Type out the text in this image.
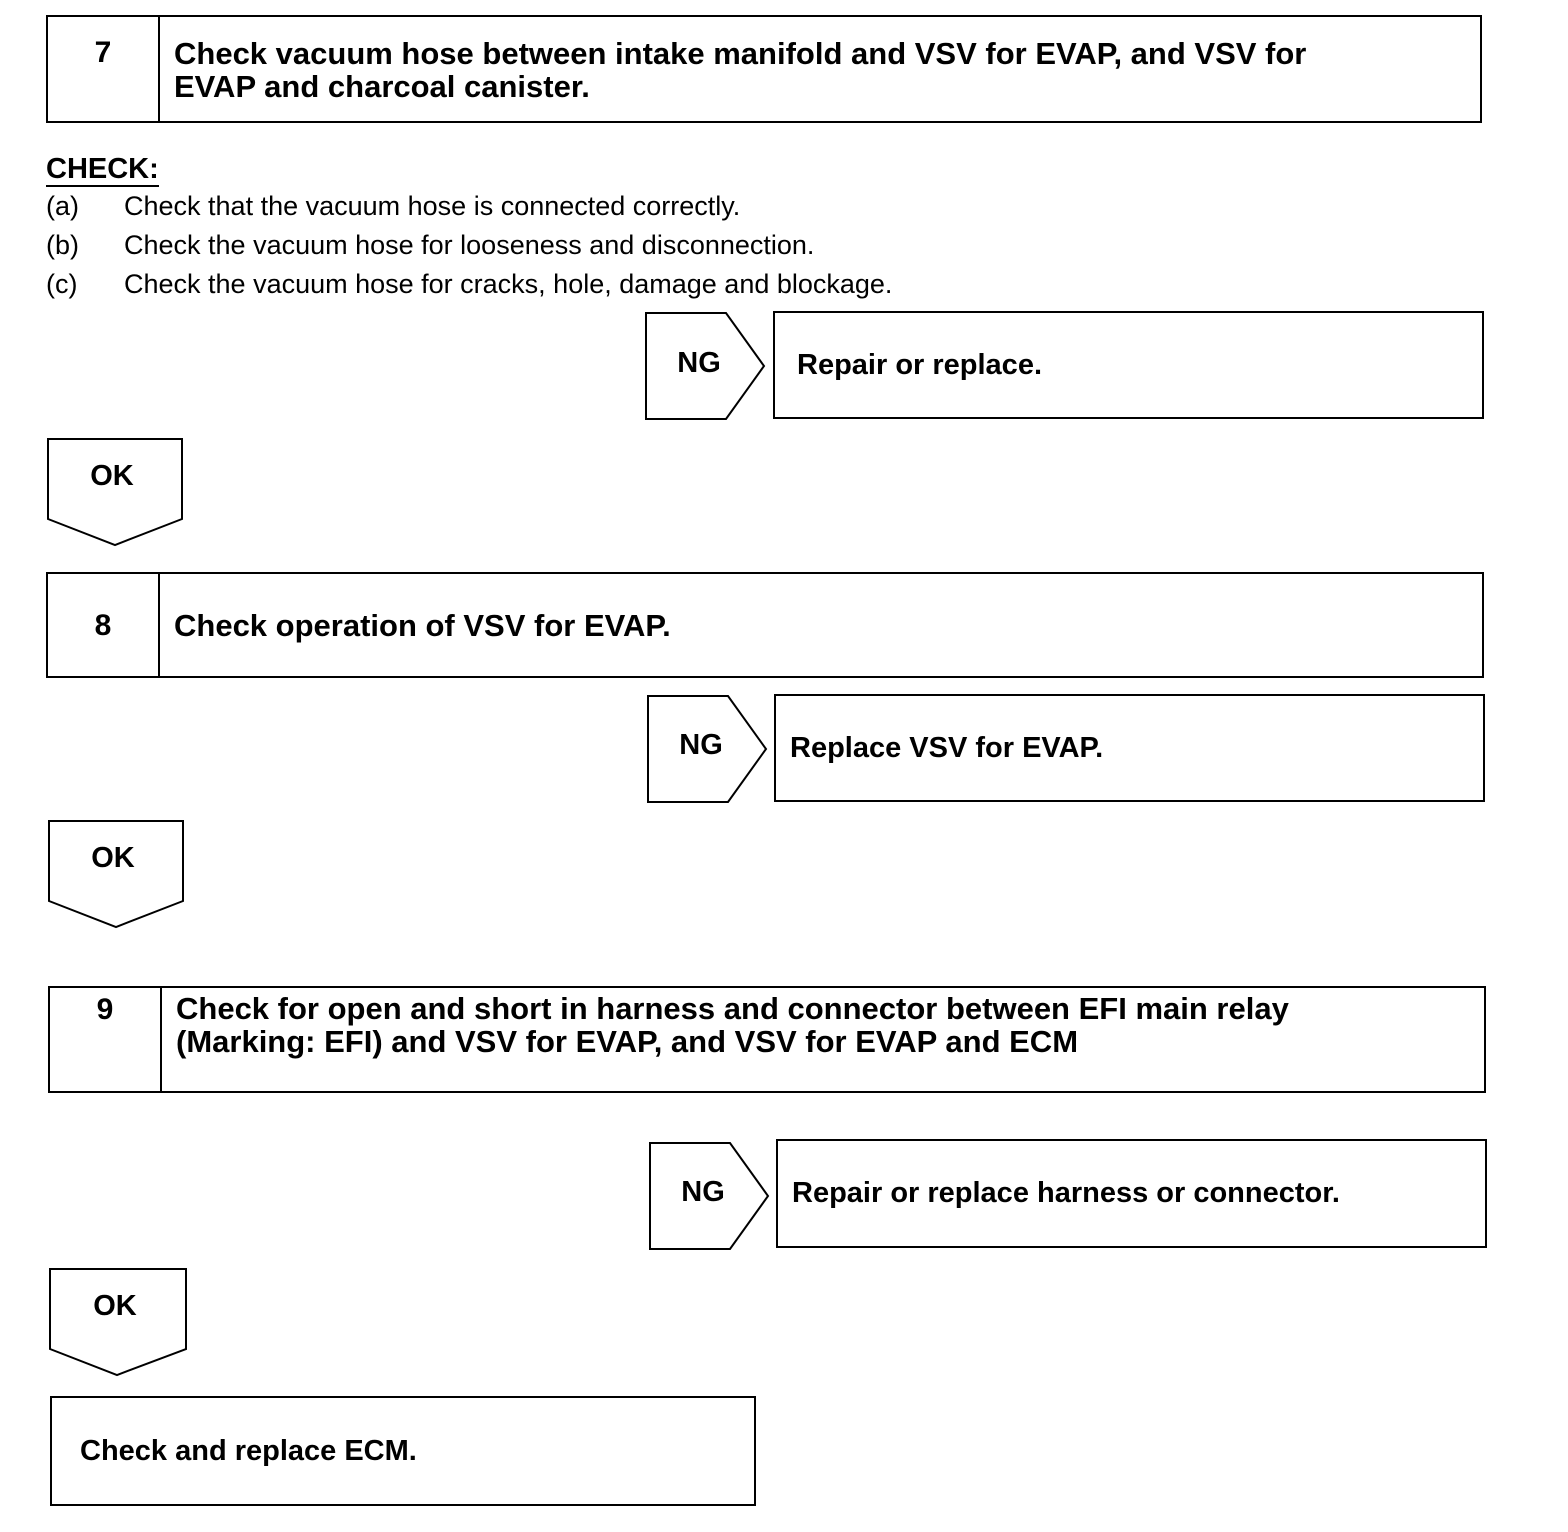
7	Check vacuum hose between intake manifold and VSV for EVAP, and VSV for
EVAP and charcoal canister.
CHECK:
(a) Check that the vacuum hose is connected correctly.
(b) Check the vacuum hose for looseness and disconnection.
(c) Check the vacuum hose for cracks, hole, damage and blockage.
NG	Repair or replace.
OK
8	Check operation of VSV for EVAP.
NG	Replace VSV for EVAP.
OK
9	Check for open and short in harness and connector between EFI main relay
(Marking: EFI) and VSV for EVAP, and VSV for EVAP and ECM
NG	Repair or replace harness or connector.
OK
Check and replace ECM.
